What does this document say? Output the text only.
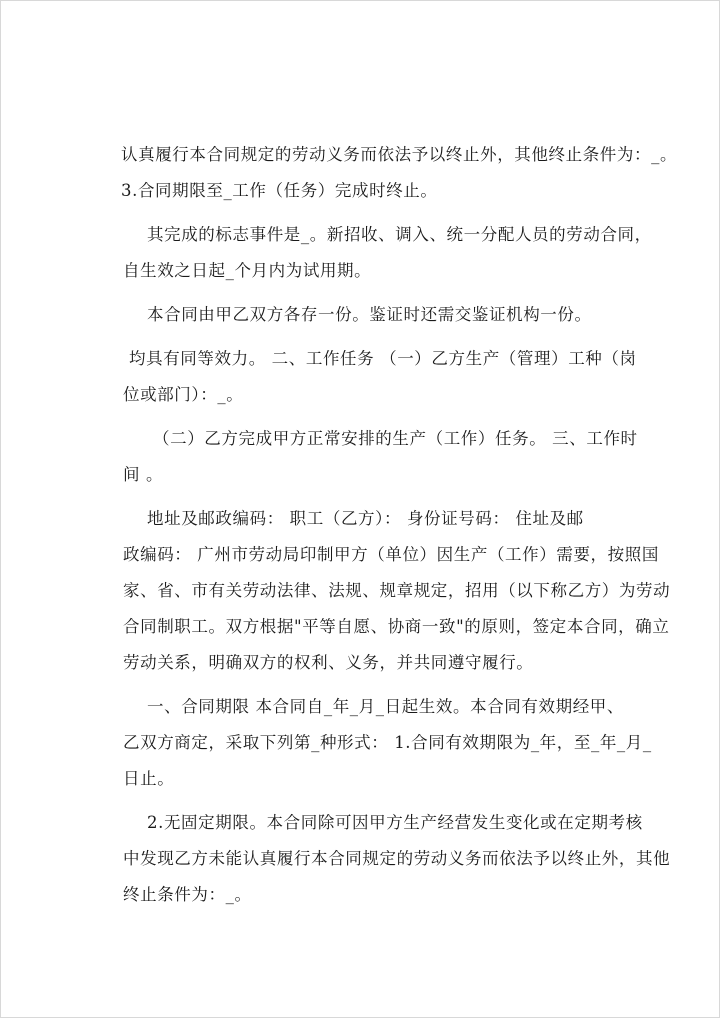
认真履行本合同规定的劳动义务而依法予以终止外，其他终止条件为：_。
3.合同期限至_工作（任务）完成时终止。
其完成的标志事件是_。新招收、调入、统一分配人员的劳动合同，
自生效之日起_个月内为试用期。
本合同由甲乙双方各存一份。鉴证时还需交鉴证机构一份。
均具有同等效力。 二、工作任务 （一）乙方生产（管理）工种（岗
位或部门）：_。
（二）乙方完成甲方正常安排的生产（工作）任务。 三、工作时
间 。
地址及邮政编码： 职工（乙方）： 身份证号码： 住址及邮
政编码： 广州市劳动局印制甲方（单位）因生产（工作）需要，按照国
家、省、市有关劳动法律、法规、规章规定，招用（以下称乙方）为劳动
合同制职工。双方根据"平等自愿、协商一致"的原则，签定本合同，确立
劳动关系，明确双方的权利、义务，并共同遵守履行。
一、合同期限 本合同自_年_月_日起生效。本合同有效期经甲、
乙双方商定，采取下列第_种形式： 1.合同有效期限为_年，至_年_月_
日止。
2.无固定期限。本合同除可因甲方生产经营发生变化或在定期考核
中发现乙方未能认真履行本合同规定的劳动义务而依法予以终止外，其他
终止条件为：_。
